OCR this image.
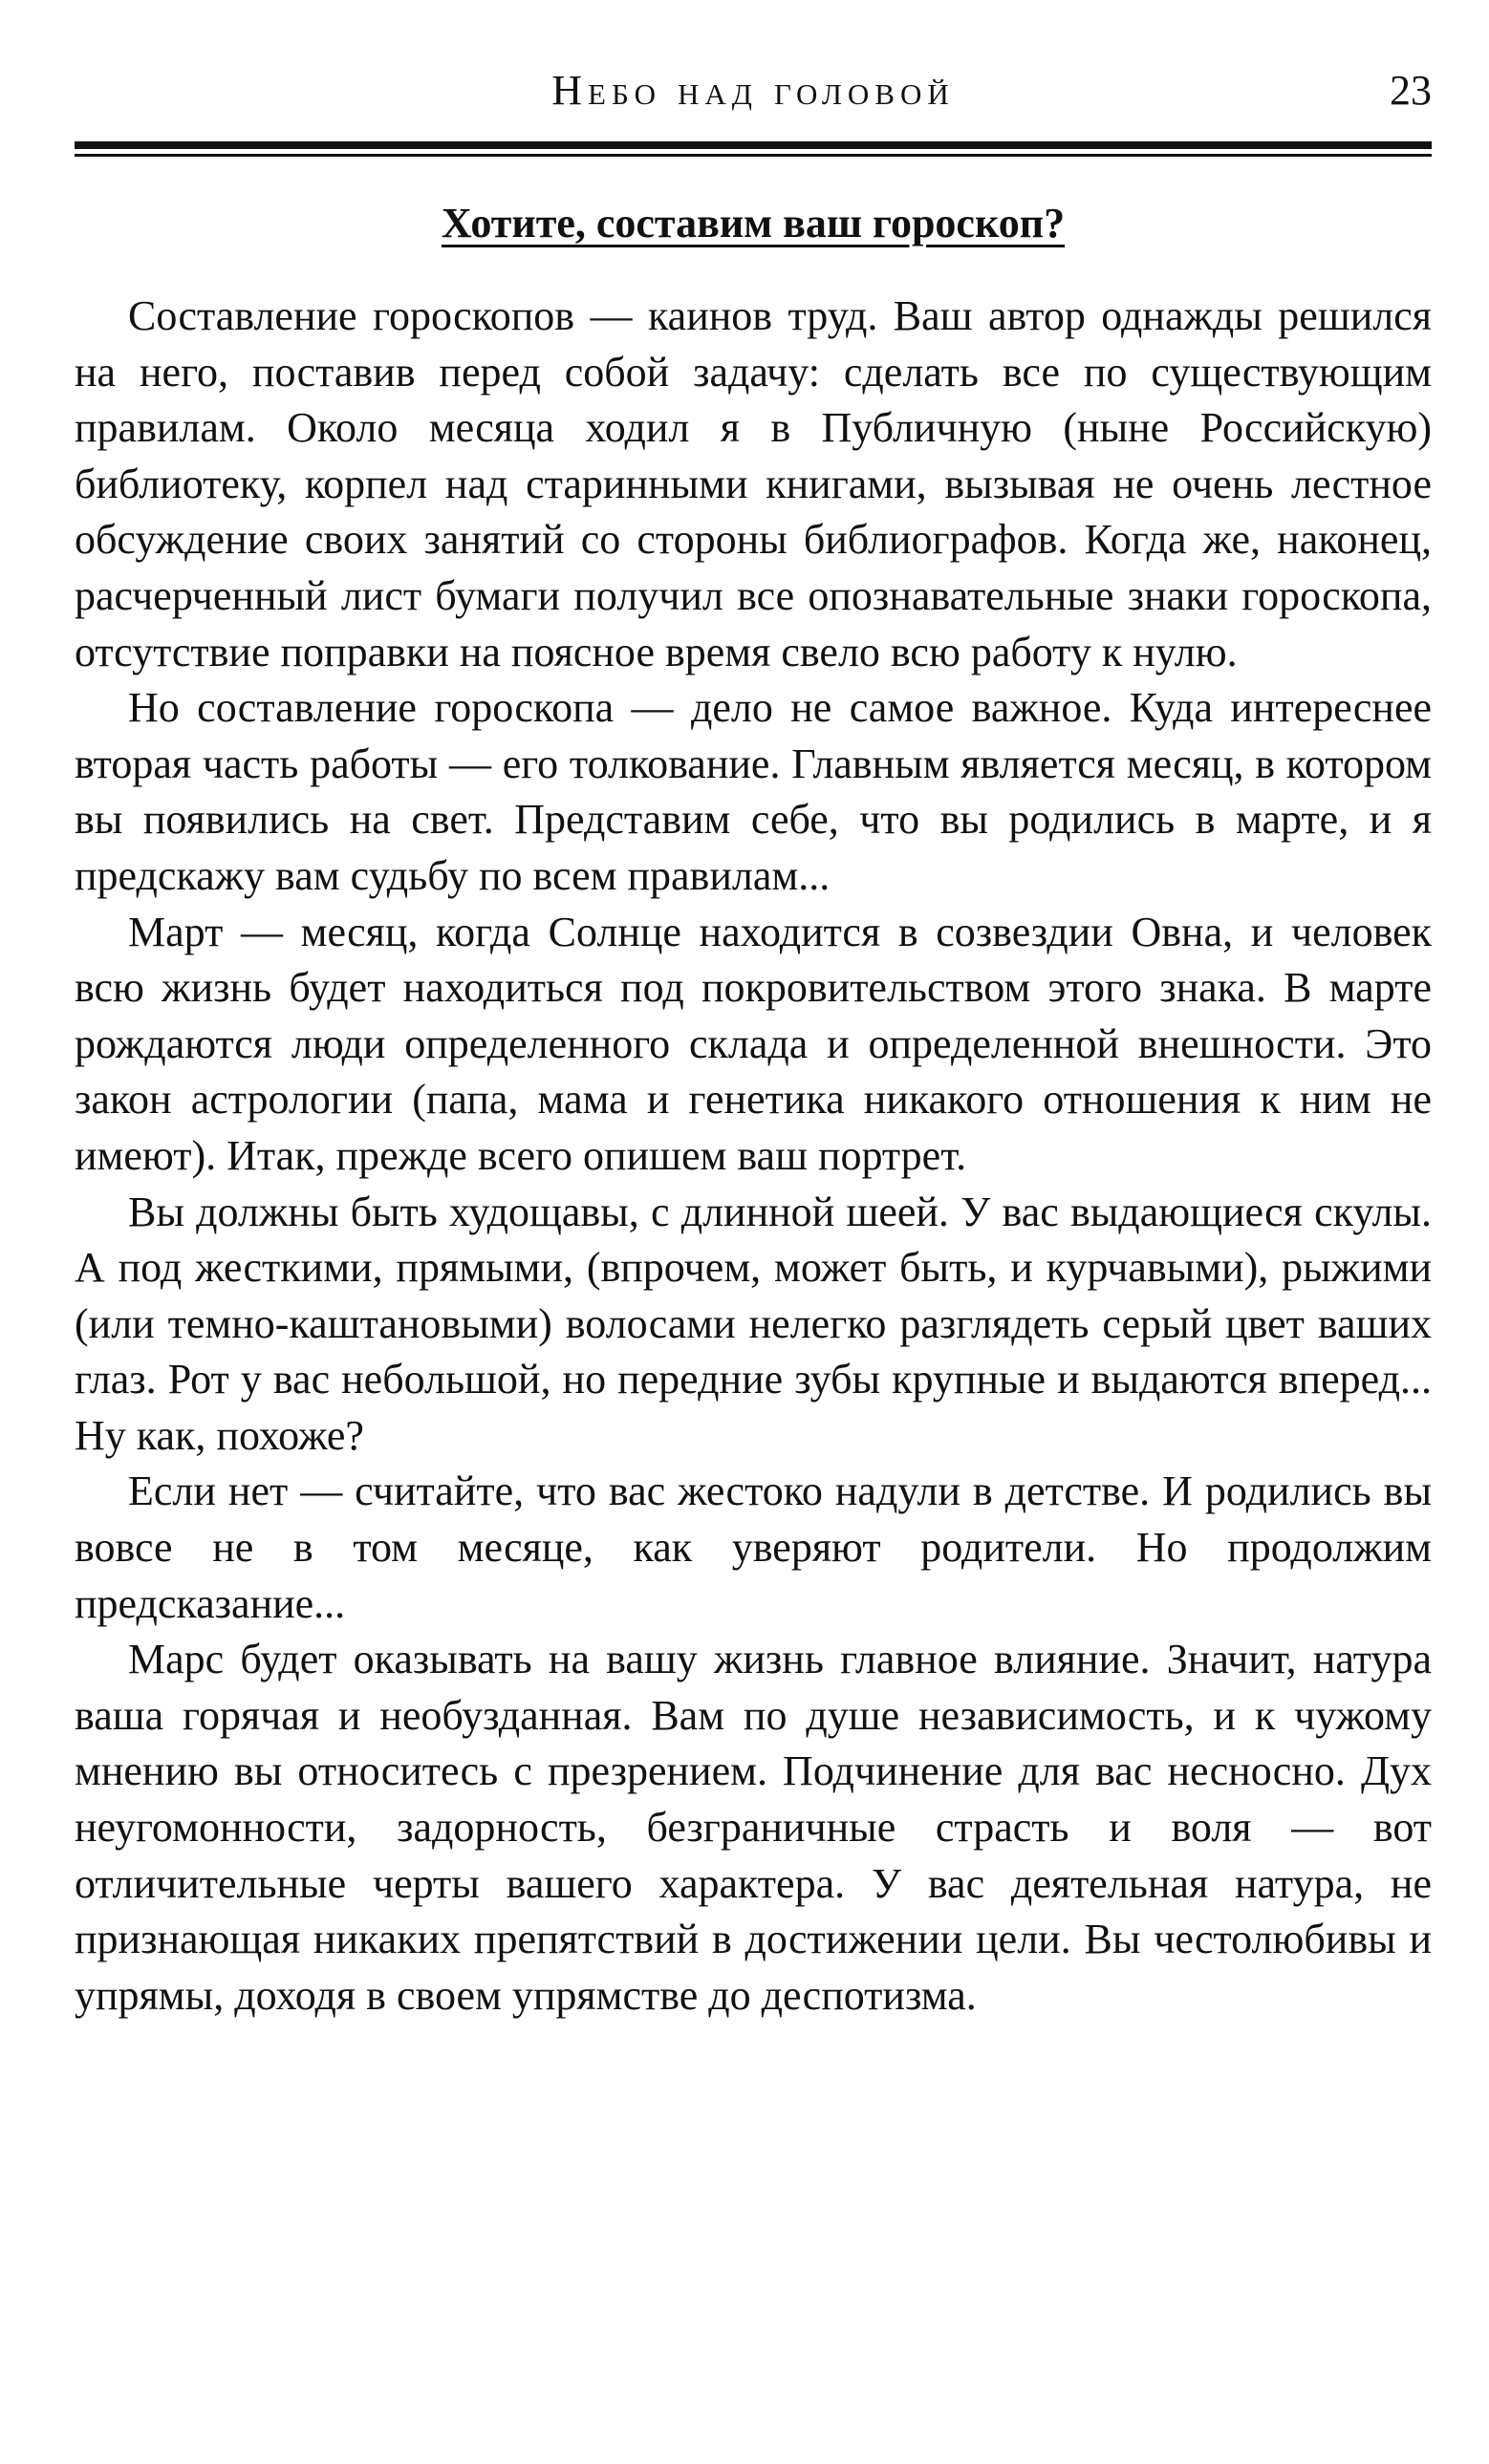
Небо над головой	23
Хотите, составим ваш гороскоп?

Составление гороскопов — каинов труд. Ваш автор однажды решился на него, поставив перед собой задачу: сделать все по существующим правилам. Около месяца ходил я в Публичную (ныне Российскую) библиотеку, корпел над старинными книгами, вызывая не очень лестное обсуждение своих занятий со стороны библиографов. Когда же, наконец, расчерченный лист бумаги получил все опознавательные знаки гороскопа, отсутствие поправки на поясное время свело всю работу к нулю.

Но составление гороскопа — дело не самое важное. Куда интереснее вторая часть работы — его толкование. Главным является месяц, в котором вы появились на свет. Представим себе, что вы родились в марте, и я предскажу вам судьбу по всем правилам...

Март — месяц, когда Солнце находится в созвездии Овна, и человек всю жизнь будет находиться под покровительством этого знака. В марте рождаются люди определенного склада и определенной внешности. Это закон астрологии (папа, мама и генетика никакого отношения к ним не имеют). Итак, прежде всего опишем ваш портрет.

Вы должны быть худощавы, с длинной шеей. У вас выдающиеся скулы. А под жесткими, прямыми, (впрочем, может быть, и курчавыми), рыжими (или темно-каштановыми) волосами нелегко разглядеть серый цвет ваших глаз. Рот у вас небольшой, но передние зубы крупные и выдаются вперед... Ну как, похоже?

Если нет — считайте, что вас жестоко надули в детстве. И родились вы вовсе не в том месяце, как уверяют родители. Но продолжим предсказание...

Марс будет оказывать на вашу жизнь главное влияние. Значит, натура ваша горячая и необузданная. Вам по душе независимость, и к чужому мнению вы относитесь с презрением. Подчинение для вас несносно. Дух неугомонности, задорность, безграничные страсть и воля — вот отличительные черты вашего характера. У вас деятельная натура, не признающая никаких препятствий в достижении цели. Вы честолюбивы и упрямы, доходя в своем упрямстве до деспотизма.
